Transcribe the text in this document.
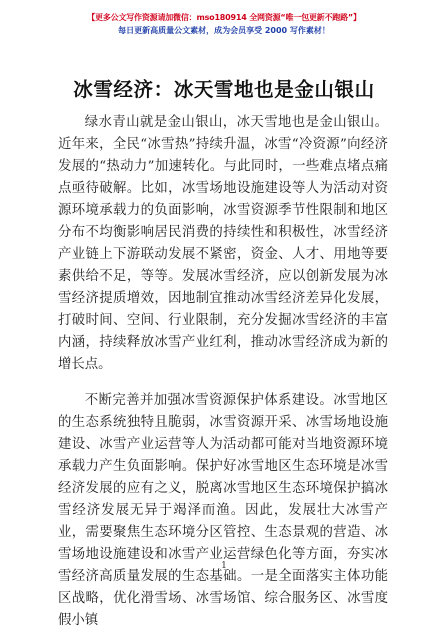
【更多公文写作资源请加微信：mso180914 全网资源“唯一包更新不跑路”】
每日更新高质量公文素材，成为会员享受 2000 写作素材！
冰雪经济：冰天雪地也是金山银山

绿水青山就是金山银山，冰天雪地也是金山银山。近年来，全民“冰雪热”持续升温，冰雪“冷资源”向经济发展的“热动力”加速转化。与此同时，一些难点堵点痛点亟待破解。比如，冰雪场地设施建设等人为活动对资源环境承载力的负面影响，冰雪资源季节性限制和地区分布不均衡影响居民消费的持续性和积极性，冰雪经济产业链上下游联动发展不紧密，资金、人才、用地等要素供给不足，等等。发展冰雪经济，应以创新发展为冰雪经济提质增效，因地制宜推动冰雪经济差异化发展，打破时间、空间、行业限制，充分发掘冰雪经济的丰富内涵，持续释放冰雪产业红利，推动冰雪经济成为新的增长点。

不断完善并加强冰雪资源保护体系建设。冰雪地区的生态系统独特且脆弱，冰雪资源开采、冰雪场地设施建设、冰雪产业运营等人为活动都可能对当地资源环境承载力产生负面影响。保护好冰雪地区生态环境是冰雪经济发展的应有之义，脱离冰雪地区生态环境保护搞冰雪经济发展无异于竭泽而渔。因此，发展壮大冰雪产业，需要聚焦生态环境分区管控、生态景观的营造、冰雪场地设施建设和冰雪产业运营绿色化等方面，夯实冰雪经济高质量发展的生态基础。一是全面落实主体功能区战略，优化滑雪场、冰雪场馆、综合服务区、冰雪度假小镇

1
